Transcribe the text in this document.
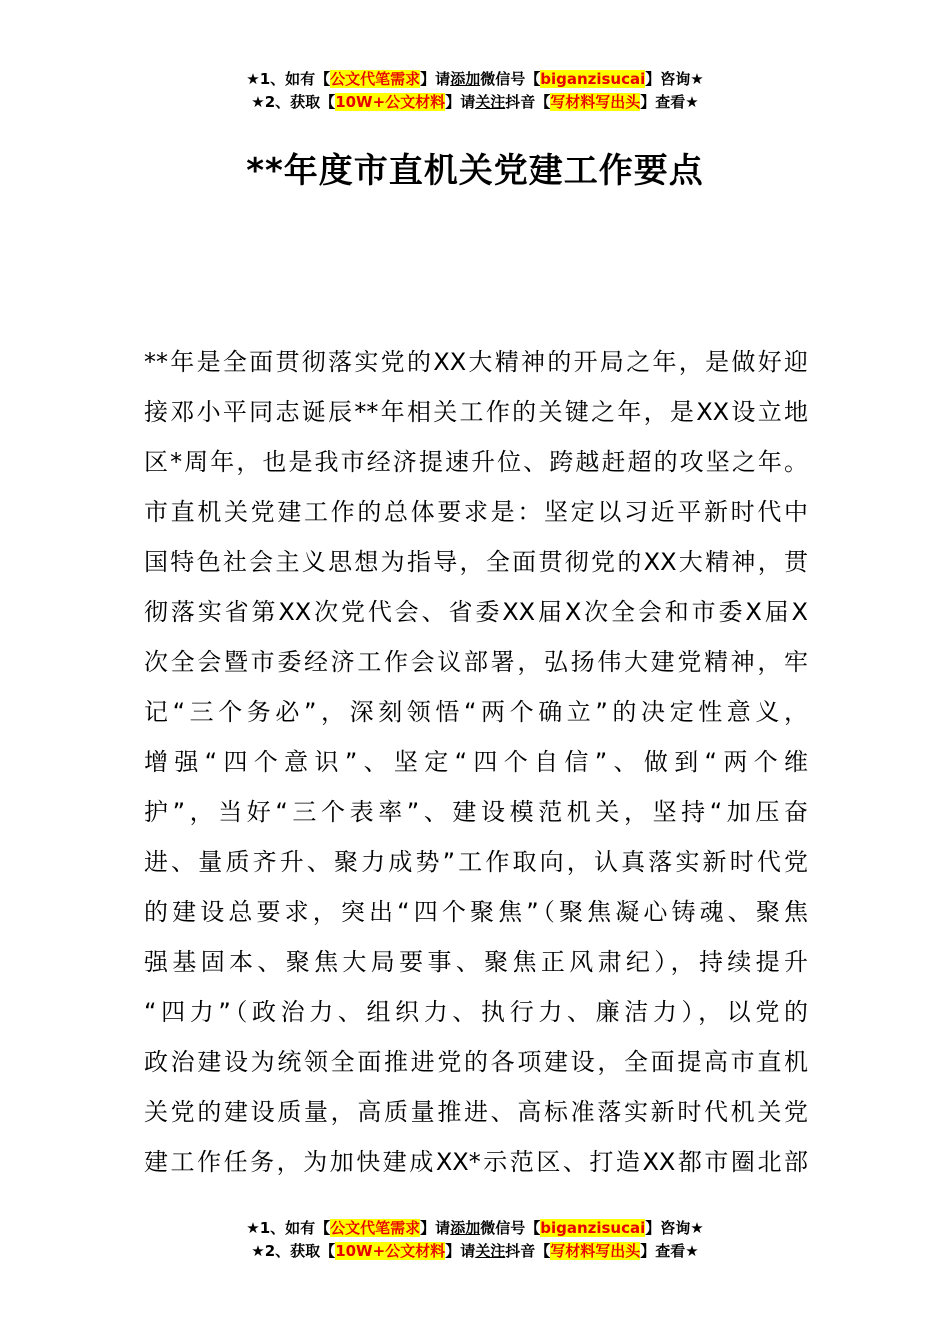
★1、如有【公文代笔需求】请添加微信号【biganzisucai】咨询★
★2、获取【10W+公文材料】请关注抖音【写材料写出头】查看★
**年度市直机关党建工作要点
**年是全面贯彻落实党的XX大精神的开局之年，是做好迎
接邓小平同志诞辰**年相关工作的关键之年，是XX设立地
区*周年，也是我市经济提速升位、跨越赶超的攻坚之年。
市直机关党建工作的总体要求是：坚定以习近平新时代中
国特色社会主义思想为指导，全面贯彻党的XX大精神，贯
彻落实省第XX次党代会、省委XX届X次全会和市委X届X
次全会暨市委经济工作会议部署，弘扬伟大建党精神，牢
记“三个务必”，深刻领悟“两个确立”的决定性意义，
增强“四个意识”、坚定“四个自信”、做到“两个维
护”，当好“三个表率”、建设模范机关，坚持“加压奋
进、量质齐升、聚力成势”工作取向，认真落实新时代党
的建设总要求，突出“四个聚焦”（聚焦凝心铸魂、聚焦
强基固本、聚焦大局要事、聚焦正风肃纪），持续提升
“四力”（政治力、组织力、执行力、廉洁力），以党的
政治建设为统领全面推进党的各项建设，全面提高市直机
关党的建设质量，高质量推进、高标准落实新时代机关党
建工作任务，为加快建成XX*示范区、打造XX都市圈北部
★1、如有【公文代笔需求】请添加微信号【biganzisucai】咨询★
★2、获取【10W+公文材料】请关注抖音【写材料写出头】查看★
